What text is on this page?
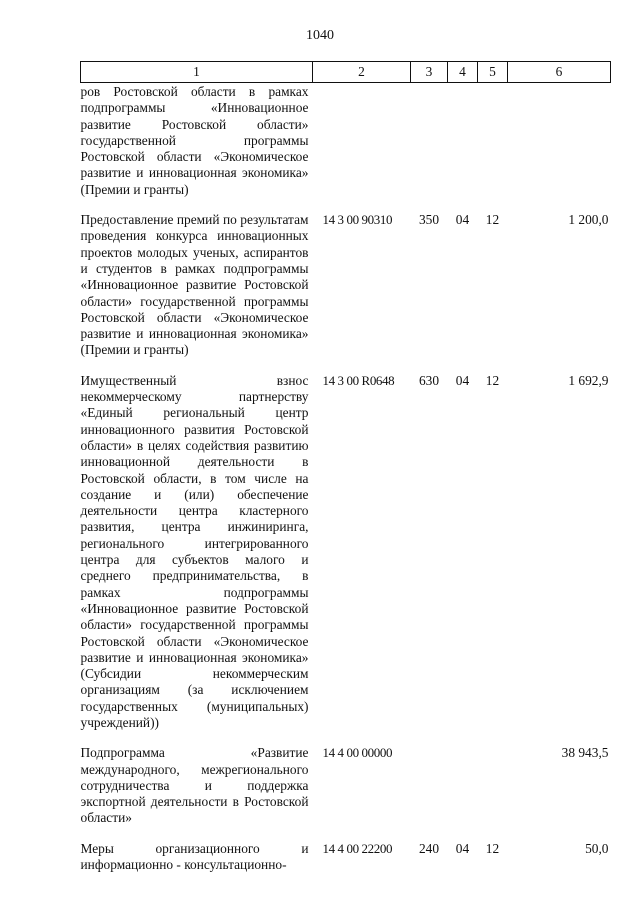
1040
1	2	3	4	5	6
ров Ростовской области в рамках подпрограммы «Инновационное развитие Ростовской области» государственной программы Ростовской области «Экономическое развитие и инновационная экономика» (Премии и гранты)					
Предоставление премий по результатам проведения конкурса инновационных проектов молодых ученых, аспирантов и студентов в рамках подпрограммы «Инновационное развитие Ростовской области» государственной программы Ростовской области «Экономическое развитие и инновационная экономика» (Премии и гранты)	14 3 00 90310	350	04	12	1 200,0
Имущественный взнос некоммерческому партнерству «Единый региональный центр инновационного развития Ростовской области» в целях содействия развитию инновационной деятельности в Ростовской области, в том числе на создание и (или) обеспечение деятельности центра кластерного развития, центра инжиниринга, регионального интегрированного центра для субъектов малого и среднего предпринимательства, в рамках подпрограммы «Инновационное развитие Ростовской области» государственной программы Ростовской области «Экономическое развитие и инновационная экономика» (Субсидии некоммерческим организациям (за исключением государственных (муниципальных) учреждений))	14 3 00 R0648	630	04	12	1 692,9
Подпрограмма «Развитие международного, межрегионального сотрудничества и поддержка экспортной деятельности в Ростовской области»	14 4 00 00000				38 943,5
Меры организационного и информационно - консультационно-	14 4 00 22200	240	04	12	50,0
